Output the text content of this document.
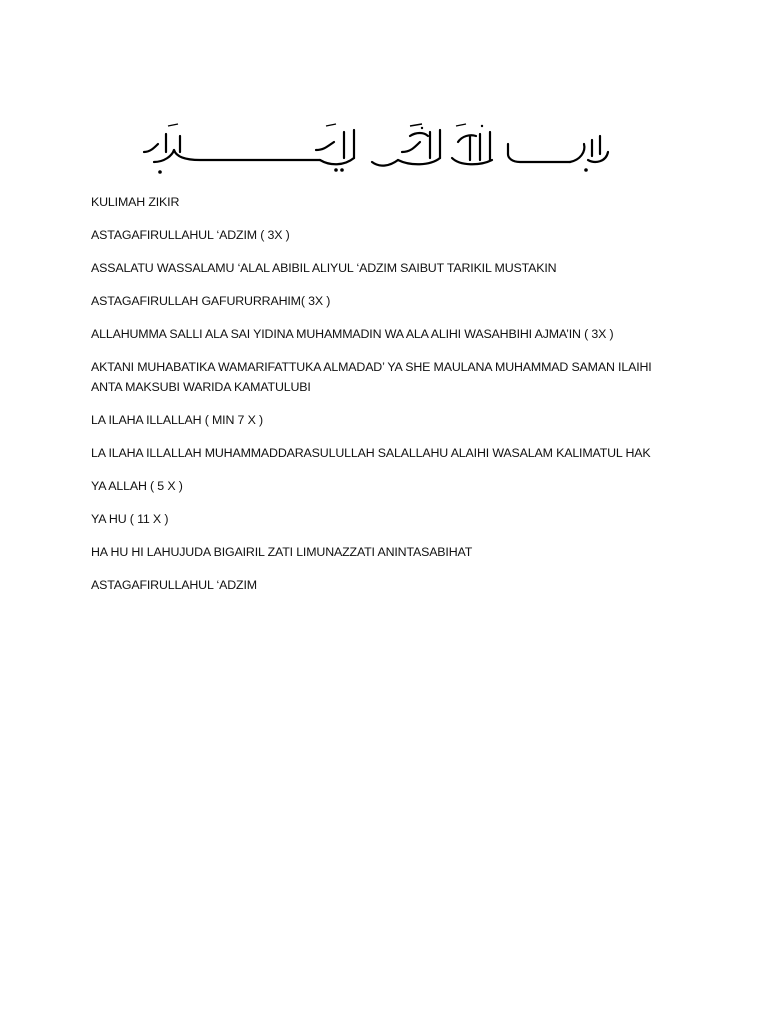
KULIMAH ZIKIR
ASTAGAFIRULLAHUL ‘ADZIM ( 3X )
ASSALATU WASSALAMU ‘ALAL ABIBIL ALIYUL ‘ADZIM SAIBUT TARIKIL MUSTAKIN
ASTAGAFIRULLAH GAFURURRAHIM( 3X )
ALLAHUMMA SALLI ALA SAI YIDINA MUHAMMADIN WA ALA ALIHI WASAHBIHI AJMA’IN ( 3X )
AKTANI MUHABATIKA WAMARIFATTUKA ALMADAD’ YA SHE MAULANA MUHAMMAD SAMAN ILAIHI ANTA MAKSUBI WARIDA KAMATULUBI
LA ILAHA ILLALLAH ( MIN 7 X )
LA ILAHA ILLALLAH MUHAMMADDARASULULLAH SALALLAHU ALAIHI WASALAM KALIMATUL HAK
YA ALLAH ( 5 X )
YA HU ( 11 X )
HA HU HI LAHUJUDA BIGAIRIL ZATI LIMUNAZZATI ANINTASABIHAT
ASTAGAFIRULLAHUL ‘ADZIM
